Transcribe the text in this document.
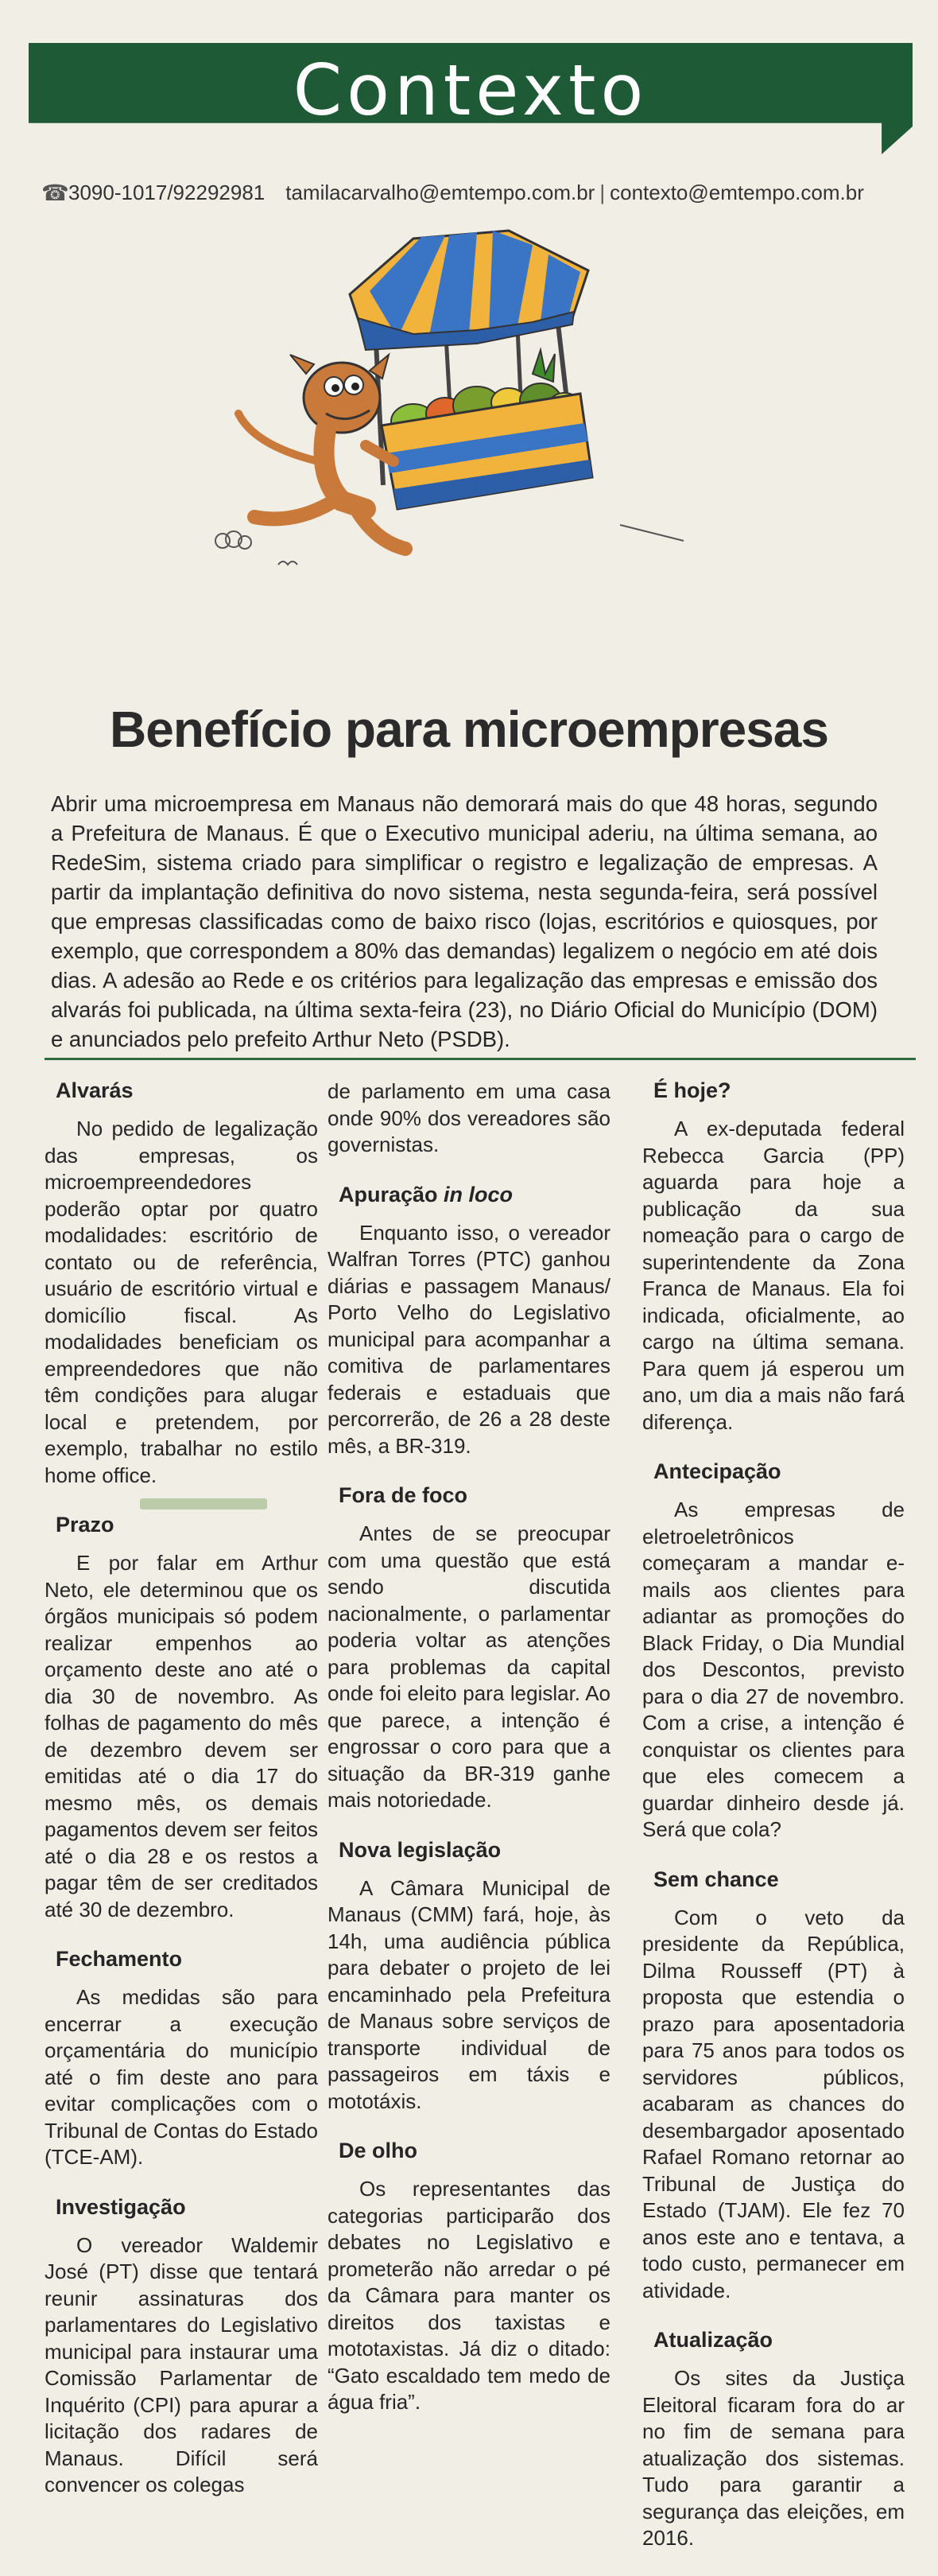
Contexto
☎ 3090-1017/92292981 tamilacarvalho@emtempo.com.br | contexto@emtempo.com.br
Benefício para microempresas

Abrir uma microempresa em Manaus não demorará mais do que 48 horas, segundo a Prefeitura de Manaus. É que o Executivo municipal aderiu, na última semana, ao RedeSim, sistema criado para simplificar o registro e legalização de empresas. A partir da implantação definitiva do novo sistema, nesta segunda-feira, será possível que empresas classificadas como de baixo risco (lojas, escritórios e quiosques, por exemplo, que correspondem a 80% das demandas) legalizem o negócio em até dois dias. A adesão ao Rede e os critérios para legalização das empresas e emissão dos alvarás foi publicada, na última sexta-feira (23), no Diário Oficial do Município (DOM) e anunciados pelo prefeito Arthur Neto (PSDB).

Alvarás

No pedido de legalização das empresas, os microempreendedores poderão optar por quatro modalidades: escritório de contato ou de referência, usuário de escritório virtual e domicílio fiscal. As modalidades beneficiam os empreendedores que não têm condições para alugar local e pretendem, por exemplo, trabalhar no estilo home office.

Prazo

E por falar em Arthur Neto, ele determinou que os órgãos municipais só podem realizar empenhos ao orçamento deste ano até o dia 30 de novembro. As folhas de pagamento do mês de dezembro devem ser emitidas até o dia 17 do mesmo mês, os demais pagamentos devem ser feitos até o dia 28 e os restos a pagar têm de ser creditados até 30 de dezembro.

Fechamento

As medidas são para encerrar a execução orçamentária do município até o fim deste ano para evitar complicações com o Tribunal de Contas do Estado (TCE-AM).

Investigação

O vereador Waldemir José (PT) disse que tentará reunir assinaturas dos parlamentares do Legislativo municipal para instaurar uma Comissão Parlamentar de Inquérito (CPI) para apurar a licitação dos radares de Manaus. Difícil será convencer os colegas

de parlamento em uma casa onde 90% dos vereadores são governistas.

Apuração in loco

Enquanto isso, o vereador Walfran Torres (PTC) ganhou diárias e passagem Manaus/ Porto Velho do Legislativo municipal para acompanhar a comitiva de parlamentares federais e estaduais que percorrerão, de 26 a 28 deste mês, a BR-319.

Fora de foco

Antes de se preocupar com uma questão que está sendo discutida nacionalmente, o parlamentar poderia voltar as atenções para problemas da capital onde foi eleito para legislar. Ao que parece, a intenção é engrossar o coro para que a situação da BR-319 ganhe mais notoriedade.

Nova legislação

A Câmara Municipal de Manaus (CMM) fará, hoje, às 14h, uma audiência pública para debater o projeto de lei encaminhado pela Prefeitura de Manaus sobre serviços de transporte individual de passageiros em táxis e mototáxis.

De olho

Os representantes das categorias participarão dos debates no Legislativo e prometerão não arredar o pé da Câmara para manter os direitos dos taxistas e mototaxistas. Já diz o ditado: “Gato escaldado tem medo de água fria”.

É hoje?

A ex-deputada federal Rebecca Garcia (PP) aguarda para hoje a publicação da sua nomeação para o cargo de superintendente da Zona Franca de Manaus. Ela foi indicada, oficialmente, ao cargo na última semana. Para quem já esperou um ano, um dia a mais não fará diferença.

Antecipação

As empresas de eletroeletrônicos começaram a mandar e-mails aos clientes para adiantar as promoções do Black Friday, o Dia Mundial dos Descontos, previsto para o dia 27 de novembro. Com a crise, a intenção é conquistar os clientes para que eles comecem a guardar dinheiro desde já. Será que cola?

Sem chance

Com o veto da presidente da República, Dilma Rousseff (PT) à proposta que estendia o prazo para aposentadoria para 75 anos para todos os servidores públicos, acabaram as chances do desembargador aposentado Rafael Romano retornar ao Tribunal de Justiça do Estado (TJAM). Ele fez 70 anos este ano e tentava, a todo custo, permanecer em atividade.

Atualização

Os sites da Justiça Eleitoral ficaram fora do ar no fim de semana para atualização dos sistemas. Tudo para garantir a segurança das eleições, em 2016.
